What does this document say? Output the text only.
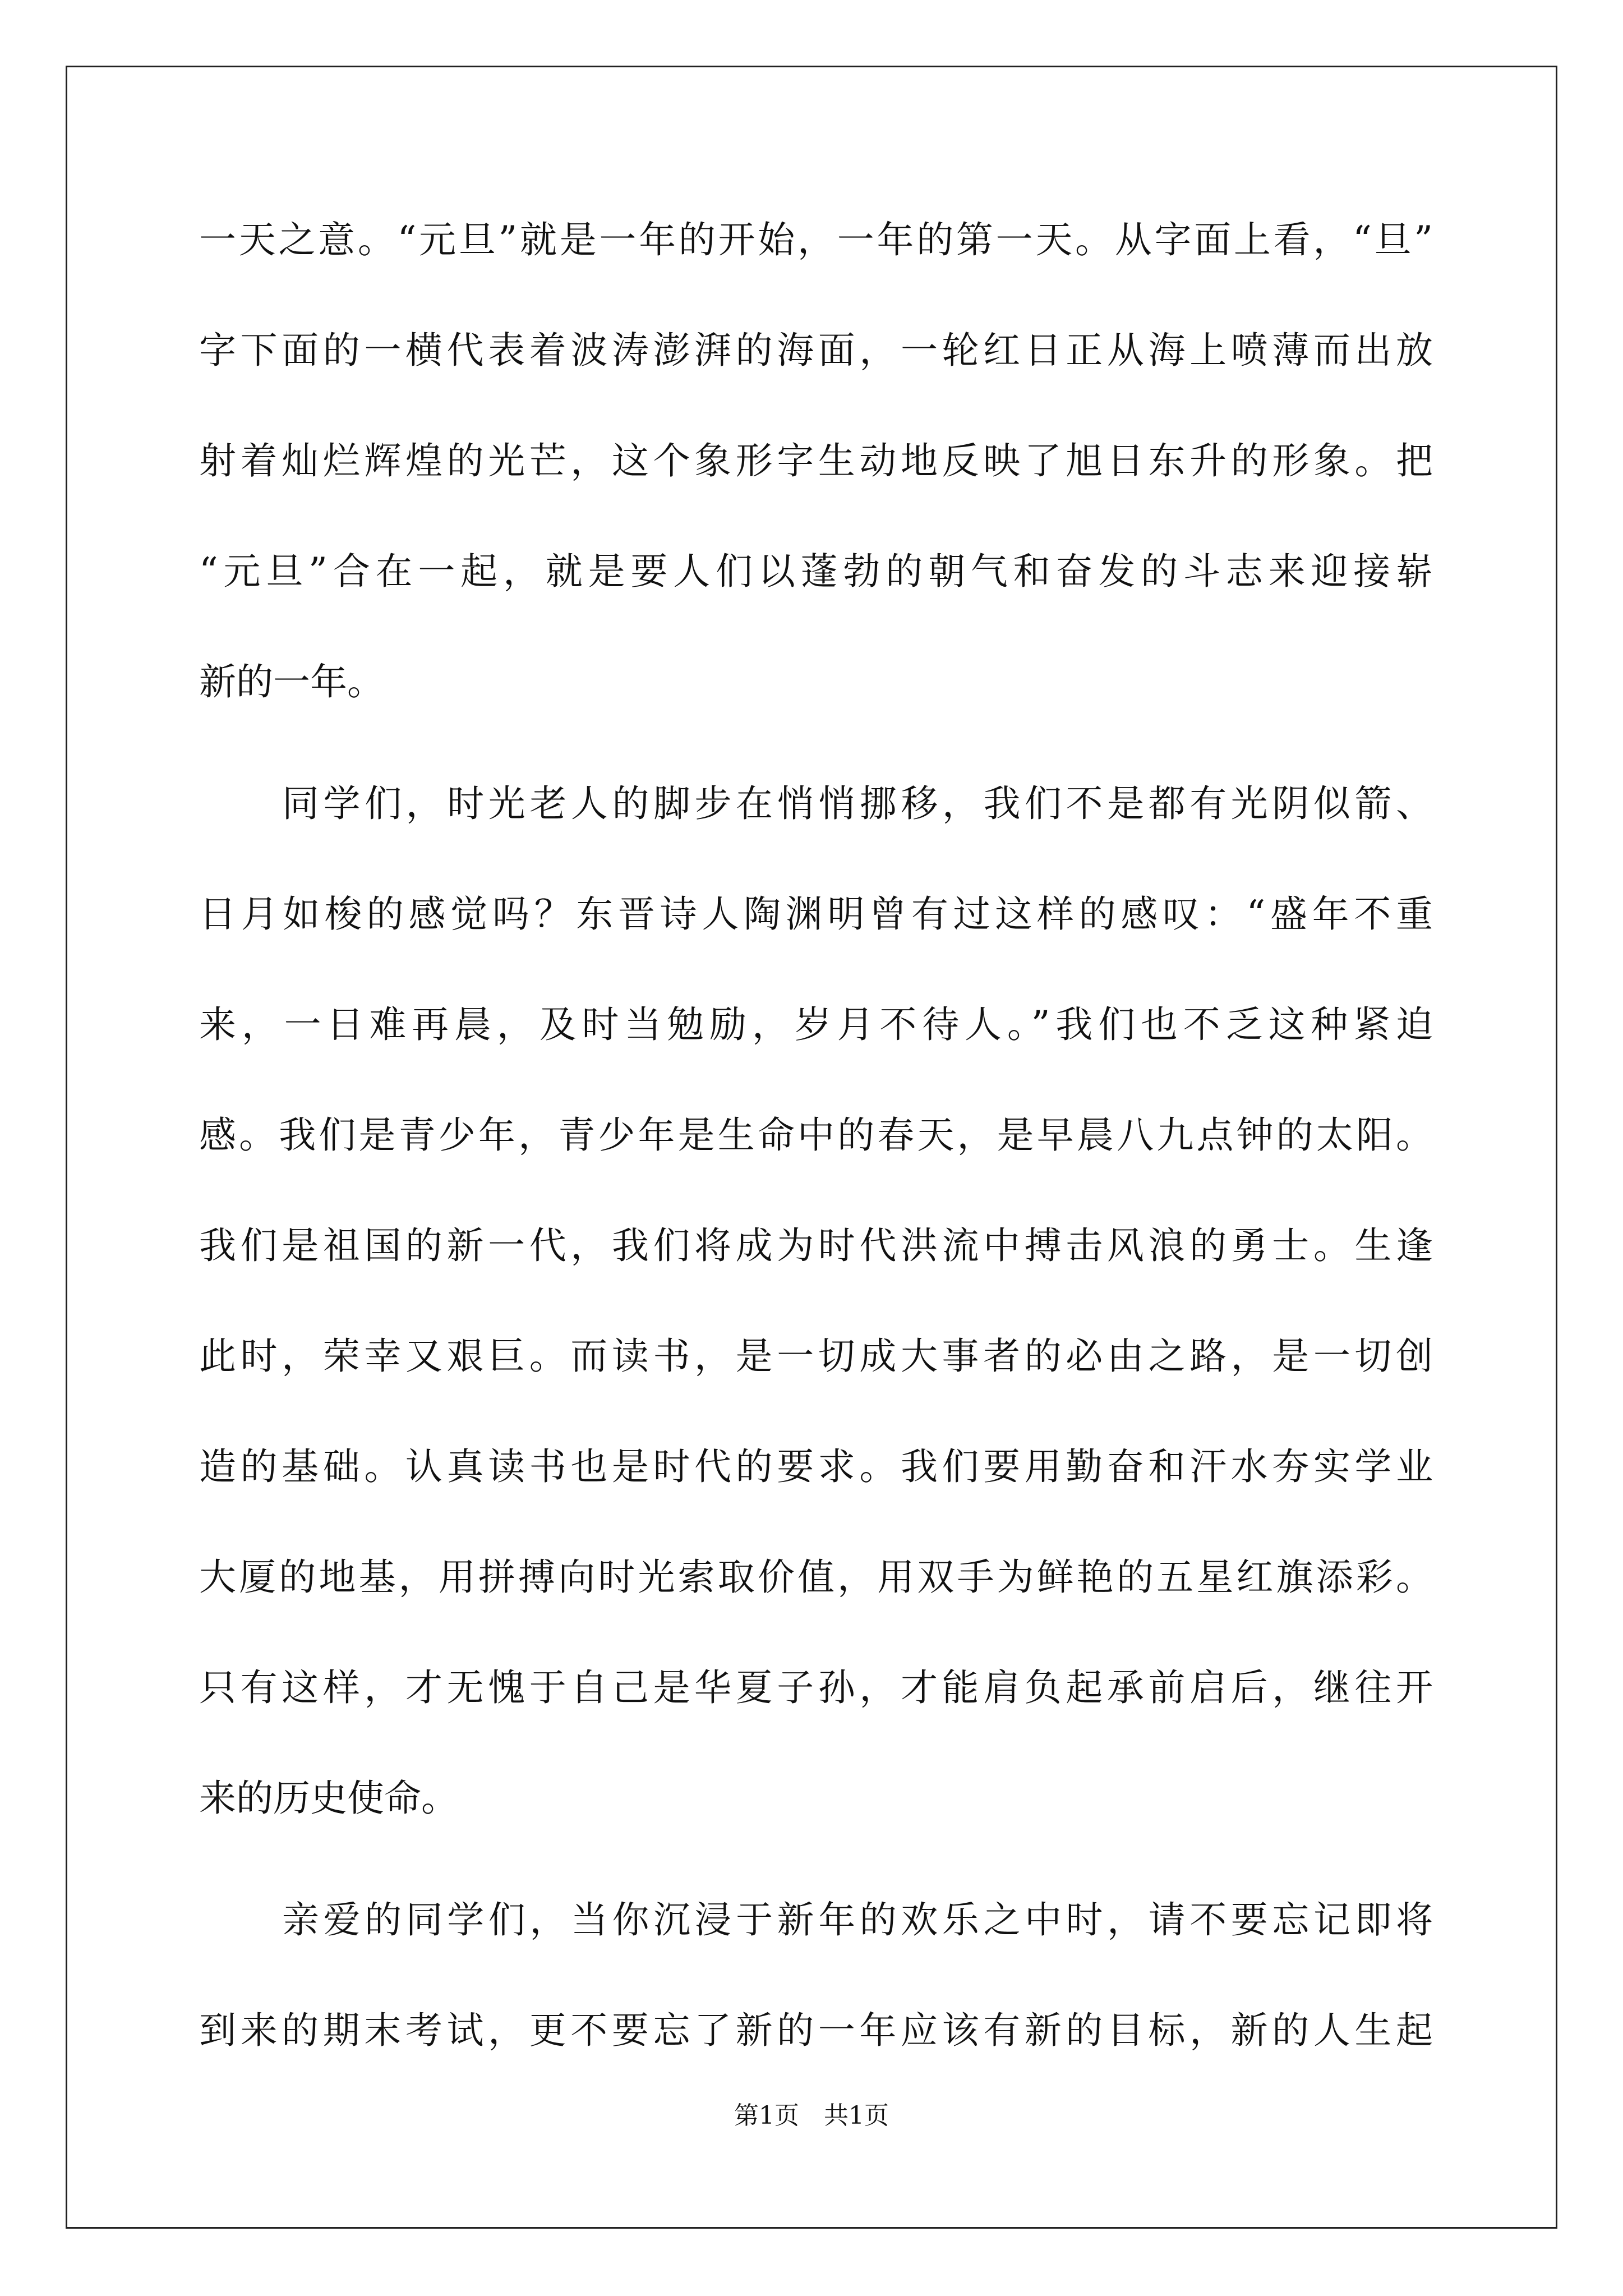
一天之意。“元旦”就是一年的开始，一年的第一天。从字面上看，“旦”
字下面的一横代表着波涛澎湃的海面，一轮红日正从海上喷薄而出放
射着灿烂辉煌的光芒，这个象形字生动地反映了旭日东升的形象。把
“元旦”合在一起，就是要人们以蓬勃的朝气和奋发的斗志来迎接崭
新的一年。
同学们，时光老人的脚步在悄悄挪移，我们不是都有光阴似箭、
日月如梭的感觉吗？东晋诗人陶渊明曾有过这样的感叹：“盛年不重
来，一日难再晨，及时当勉励，岁月不待人。”我们也不乏这种紧迫
感。我们是青少年，青少年是生命中的春天，是早晨八九点钟的太阳。
我们是祖国的新一代，我们将成为时代洪流中搏击风浪的勇士。生逢
此时，荣幸又艰巨。而读书，是一切成大事者的必由之路，是一切创
造的基础。认真读书也是时代的要求。我们要用勤奋和汗水夯实学业
大厦的地基，用拼搏向时光索取价值，用双手为鲜艳的五星红旗添彩。
只有这样，才无愧于自己是华夏子孙，才能肩负起承前启后，继往开
来的历史使命。
亲爱的同学们，当你沉浸于新年的欢乐之中时，请不要忘记即将
到来的期末考试，更不要忘了新的一年应该有新的目标，新的人生起
第1页 共1页
